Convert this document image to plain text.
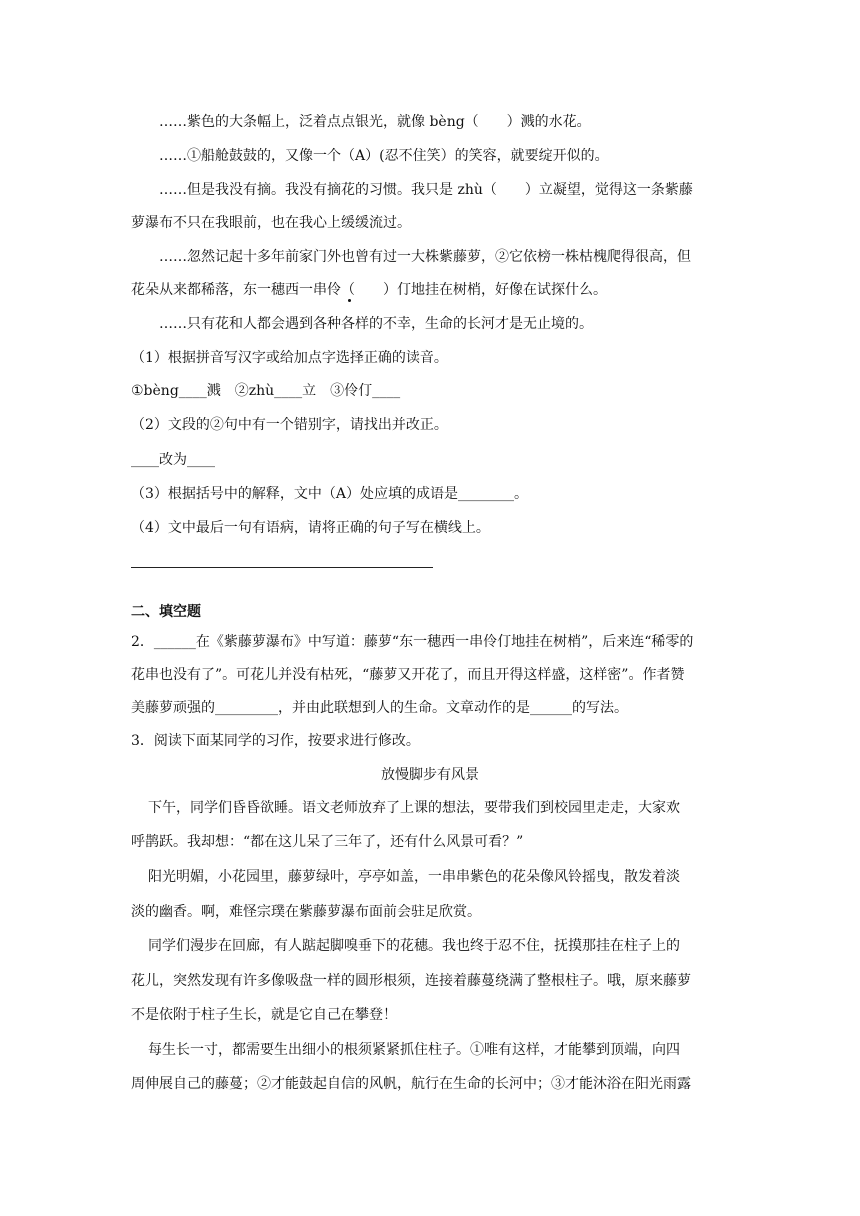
……紫色的大条幅上，泛着点点银光，就像 bèng（　　）溅的水花。
……①船舱鼓鼓的，又像一个（A）(忍不住笑）的笑容，就要绽开似的。
……但是我没有摘。我没有摘花的习惯。我只是 zhù（　　）立凝望，觉得这一条紫藤
萝瀑布不只在我眼前，也在我心上缓缓流过。
……忽然记起十多年前家门外也曾有过一大株紫藤萝，②它依榜一株枯槐爬得很高，但
花朵从来都稀落，东一穗西一串伶（　　）仃地挂在树梢，好像在试探什么。
……只有花和人都会遇到各种各样的不幸，生命的长河才是无止境的。
（1）根据拼音写汉字或给加点字选择正确的读音。
①bèng____溅　②zhù____立　③伶仃____
（2）文段的②句中有一个错别字，请找出并改正。
____改为____
（3）根据括号中的解释，文中（A）处应填的成语是________。
（4）文中最后一句有语病，请将正确的句子写在横线上。
二、填空题
2．______在《紫藤萝瀑布》中写道：藤萝“东一穗西一串伶仃地挂在树梢”，后来连“稀零的
花串也没有了”。可花儿并没有枯死，“藤萝又开花了，而且开得这样盛，这样密”。作者赞
美藤萝顽强的_________，并由此联想到人的生命。文章动作的是______的写法。
3．阅读下面某同学的习作，按要求进行修改。
放慢脚步有风景
下午，同学们昏昏欲睡。语文老师放弃了上课的想法，要带我们到校园里走走，大家欢
呼鹊跃。我却想：“都在这儿呆了三年了，还有什么风景可看？”
阳光明媚，小花园里，藤萝绿叶，亭亭如盖，一串串紫色的花朵像风铃摇曳，散发着淡
淡的幽香。啊，难怪宗璞在紫藤萝瀑布面前会驻足欣赏。
同学们漫步在回廊，有人踮起脚嗅垂下的花穗。我也终于忍不住，抚摸那挂在柱子上的
花儿，突然发现有许多像吸盘一样的圆形根须，连接着藤蔓绕满了整根柱子。哦，原来藤萝
不是依附于柱子生长，就是它自己在攀登！
每生长一寸，都需要生出细小的根须紧紧抓住柱子。①唯有这样，才能攀到顶端，向四
周伸展自己的藤蔓；②才能鼓起自信的风帆，航行在生命的长河中；③才能沐浴在阳光雨露
